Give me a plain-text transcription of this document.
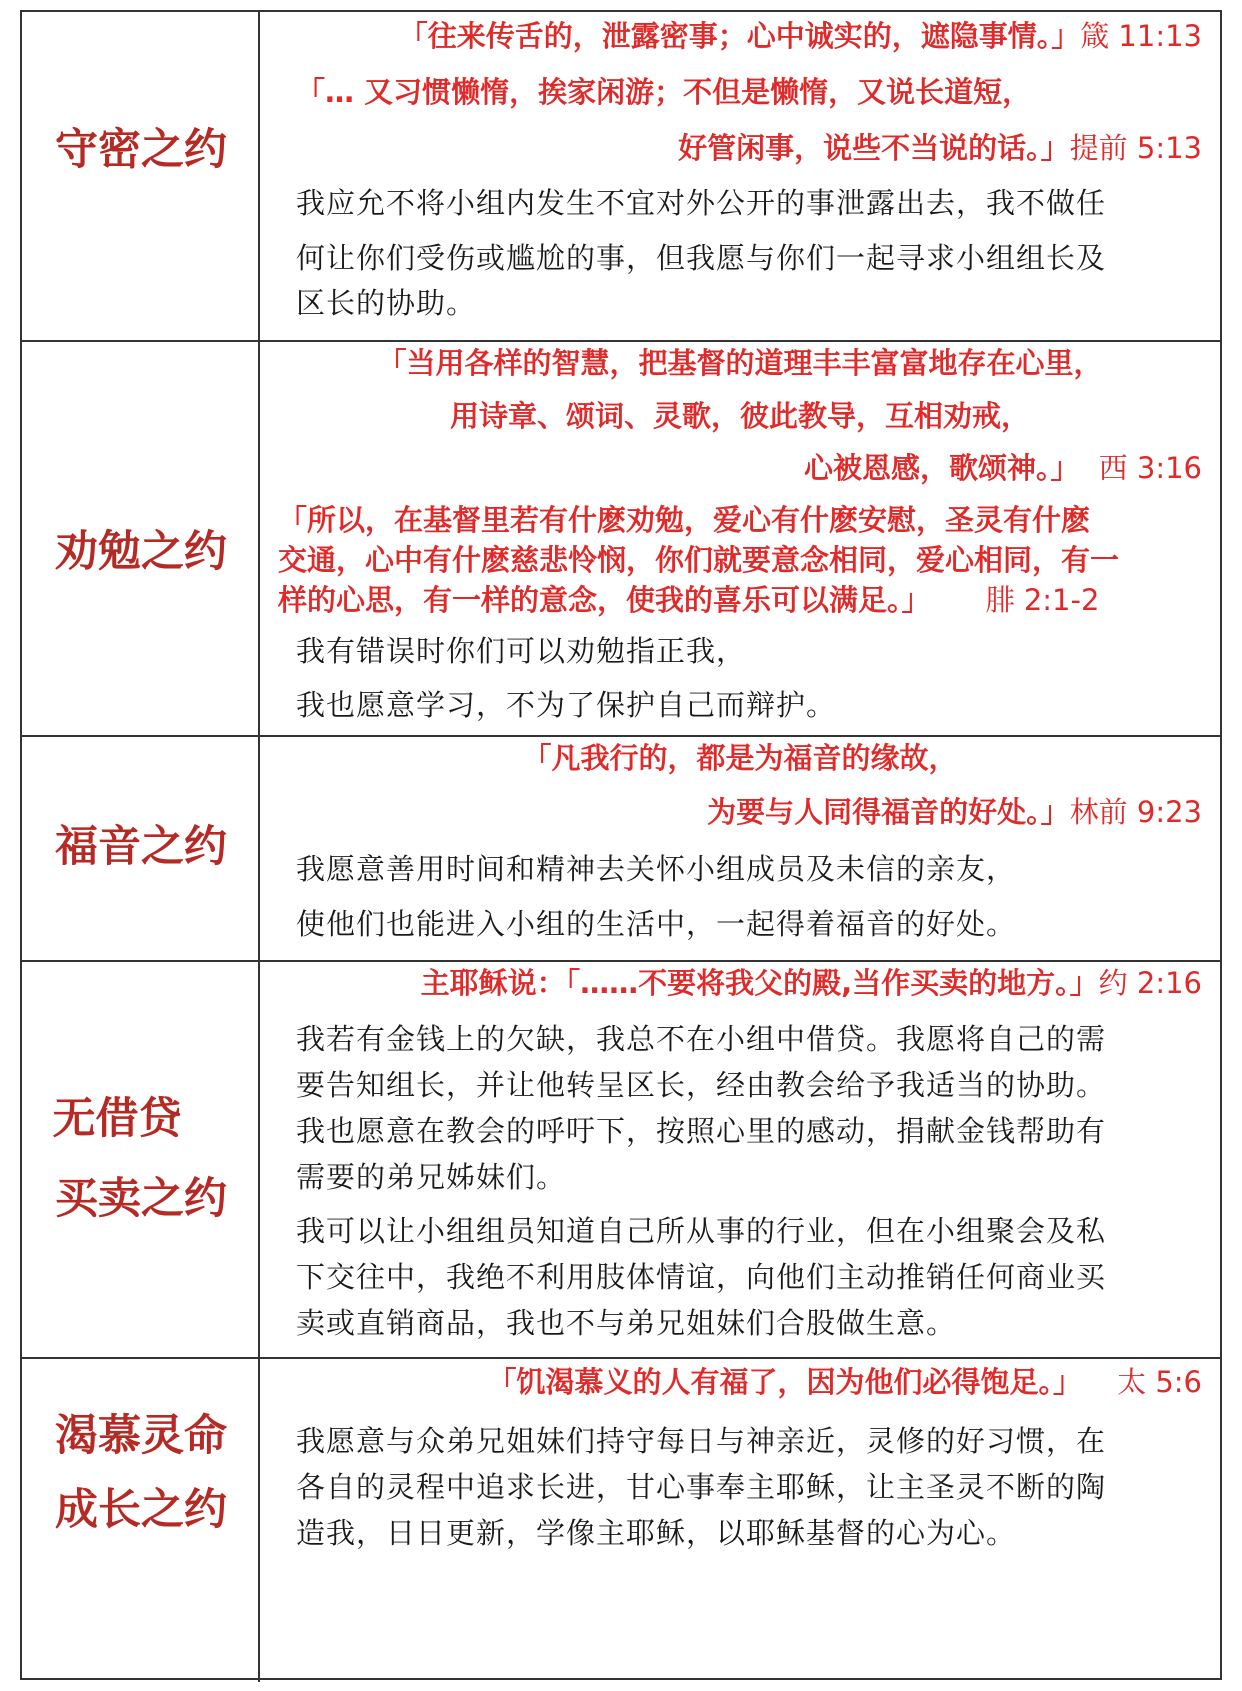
守密之约
「往来传舌的，泄露密事；心中诚实的，遮隐事情。」箴 11:13
「… 又习惯懒惰，挨家闲游；不但是懒惰，又说长道短，
好管闲事，说些不当说的话。」提前 5:13
我应允不将小组内发生不宜对外公开的事泄露出去，我不做任
何让你们受伤或尴尬的事，但我愿与你们一起寻求小组组长及
区长的协助。
劝勉之约
「当用各样的智慧，把基督的道理丰丰富富地存在心里，
用诗章、颂词、灵歌，彼此教导，互相劝戒，
心被恩感，歌颂神。」 西 3:16
「所以，在基督里若有什麽劝勉，爱心有什麽安慰，圣灵有什麽
交通，心中有什麽慈悲怜悯，你们就要意念相同，爱心相同，有一
样的心思，有一样的意念，使我的喜乐可以满足。」 腓 2:1-2
我有错误时你们可以劝勉指正我，
我也愿意学习，不为了保护自己而辩护。
福音之约
「凡我行的，都是为福音的缘故，
为要与人同得福音的好处。」林前 9:23
我愿意善用时间和精神去关怀小组成员及未信的亲友，
使他们也能进入小组的生活中，一起得着福音的好处。
无借贷
买卖之约
主耶稣说：「……不要将我父的殿,当作买卖的地方。」约 2:16
我若有金钱上的欠缺，我总不在小组中借贷。我愿将自己的需
要告知组长，并让他转呈区长，经由教会给予我适当的协助。
我也愿意在教会的呼吁下，按照心里的感动，捐献金钱帮助有
需要的弟兄姊妹们。
我可以让小组组员知道自己所从事的行业，但在小组聚会及私
下交往中，我绝不利用肢体情谊，向他们主动推销任何商业买
卖或直销商品，我也不与弟兄姐妹们合股做生意。
渴慕灵命
成长之约
「饥渴慕义的人有福了，因为他们必得饱足。」 太 5:6
我愿意与众弟兄姐妹们持守每日与神亲近，灵修的好习惯，在
各自的灵程中追求长进，甘心事奉主耶稣，让主圣灵不断的陶
造我，日日更新，学像主耶稣，以耶稣基督的心为心。
